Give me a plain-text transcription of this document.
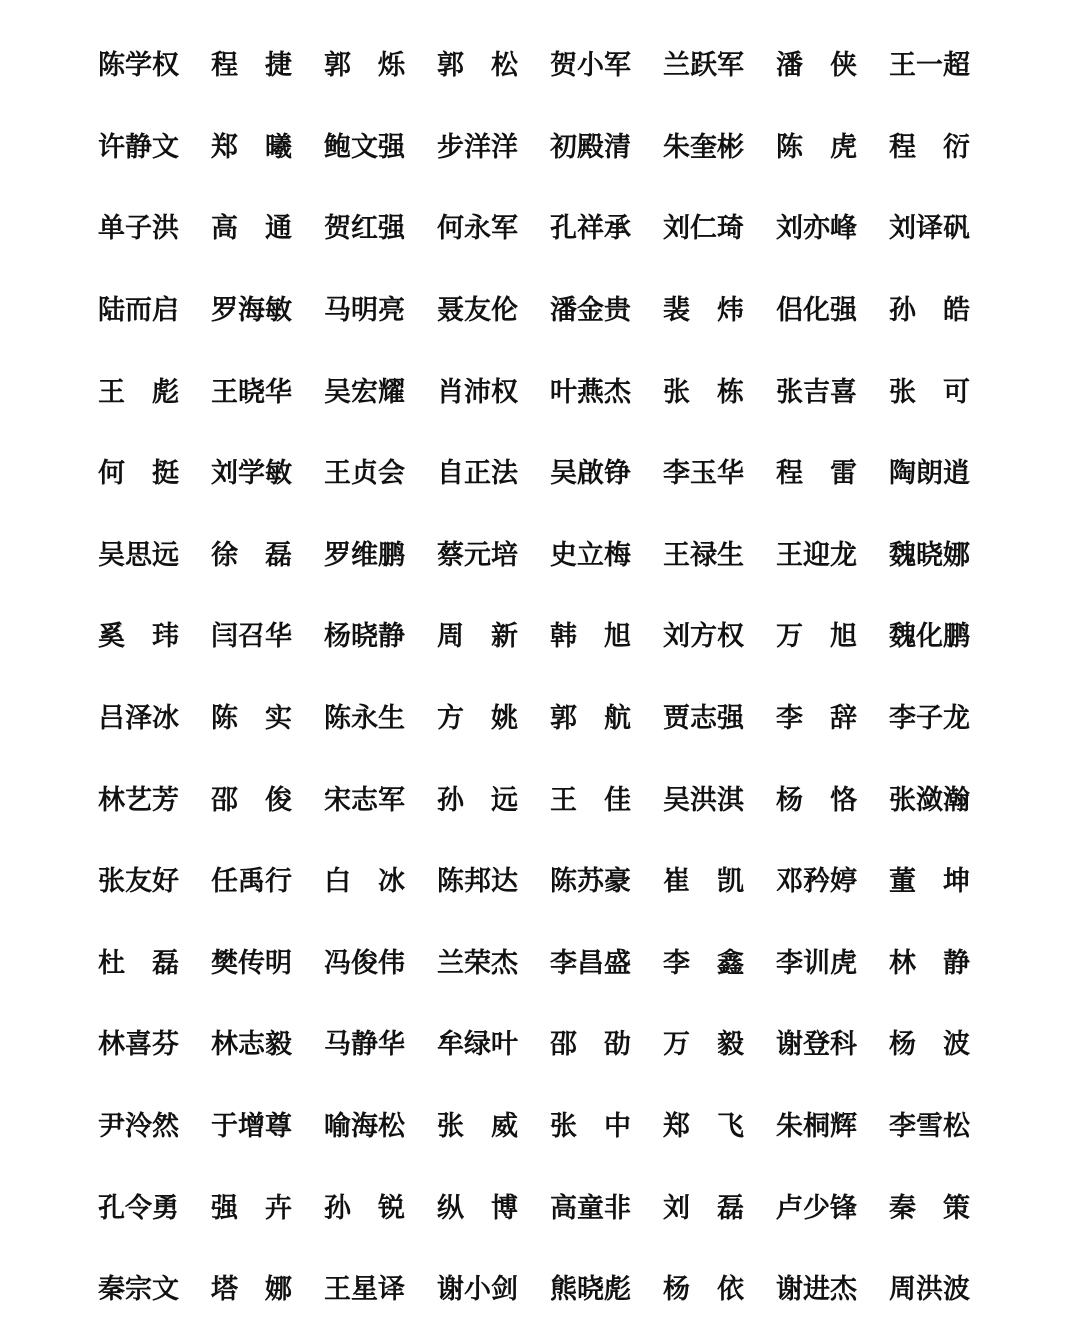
陈学权	程　捷	郭　烁	郭　松	贺小军	兰跃军	潘　侠	王一超
许静文	郑　曦	鲍文强	步洋洋	初殿清	朱奎彬	陈　虎	程　衍
单子洪	高　通	贺红强	何永军	孔祥承	刘仁琦	刘亦峰	刘译矾
陆而启	罗海敏	马明亮	聂友伦	潘金贵	裴　炜	侣化强	孙　皓
王　彪	王晓华	吴宏耀	肖沛权	叶燕杰	张　栋	张吉喜	张　可
何　挺	刘学敏	王贞会	自正法	吴啟铮	李玉华	程　雷	陶朗逍
吴思远	徐　磊	罗维鹏	蔡元培	史立梅	王禄生	王迎龙	魏晓娜
奚　玮	闫召华	杨晓静	周　新	韩　旭	刘方权	万　旭	魏化鹏
吕泽冰	陈　实	陈永生	方　姚	郭　航	贾志强	李　辞	李子龙
林艺芳	邵　俊	宋志军	孙　远	王　佳	吴洪淇	杨　恪	张潋瀚
张友好	任禹行	白　冰	陈邦达	陈苏豪	崔　凯	邓矜婷	董　坤
杜　磊	樊传明	冯俊伟	兰荣杰	李昌盛	李　鑫	李训虎	林　静
林喜芬	林志毅	马静华	牟绿叶	邵　劭	万　毅	谢登科	杨　波
尹泠然	于增尊	喻海松	张　威	张　中	郑　飞	朱桐辉	李雪松
孔令勇	强　卉	孙　锐	纵　博	高童非	刘　磊	卢少锋	秦　策
秦宗文	塔　娜	王星译	谢小剑	熊晓彪	杨　依	谢进杰	周洪波
